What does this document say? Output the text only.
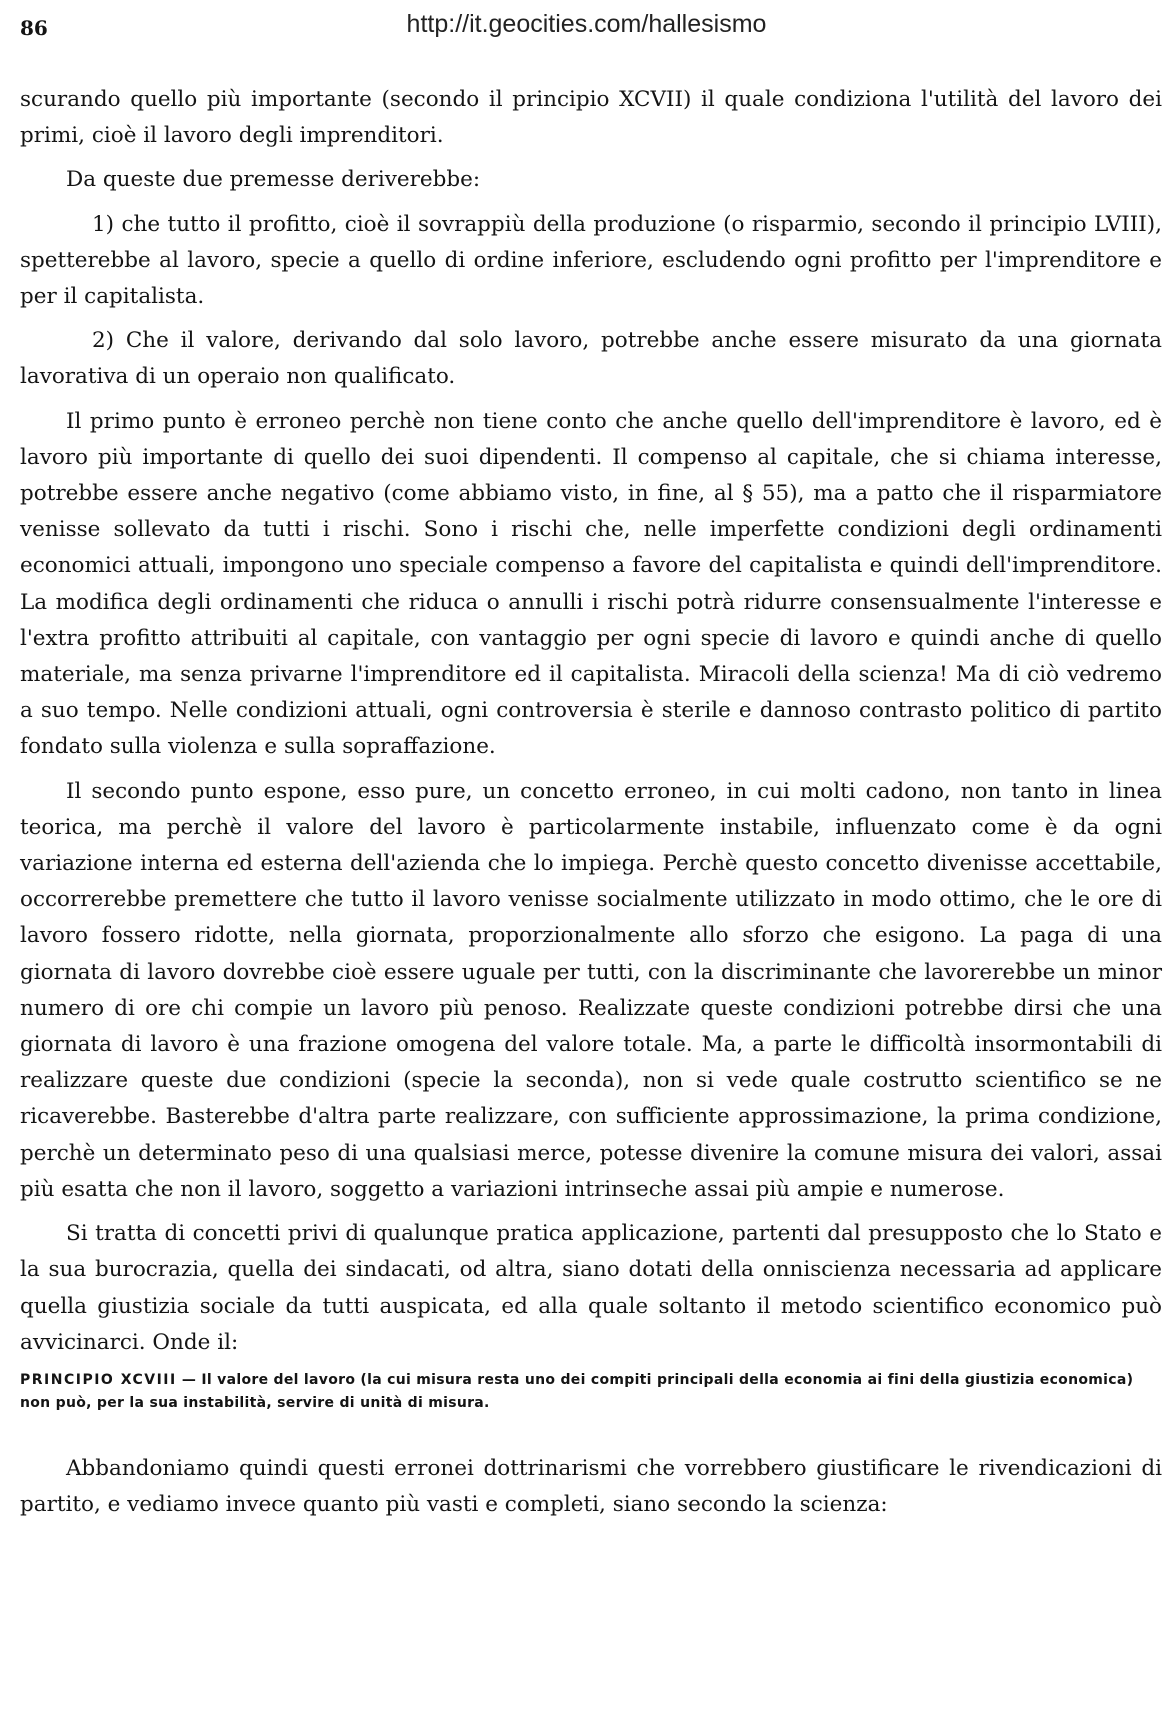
86	http://it.geocities.com/hallesismo

scurando quello più importante (secondo il principio XCVII) il quale condiziona l'utilità del lavoro dei primi, cioè il lavoro degli imprenditori.

Da queste due premesse deriverebbe:

1) che tutto il profitto, cioè il sovrappiù della produzione (o risparmio, secondo il principio LVIII), spetterebbe al lavoro, specie a quello di ordine inferiore, escludendo ogni profitto per l'imprenditore e per il capitalista.

2) Che il valore, derivando dal solo lavoro, potrebbe anche essere misurato da una giornata lavorativa di un operaio non qualificato.

Il primo punto è erroneo perchè non tiene conto che anche quello dell'imprenditore è lavoro, ed è lavoro più importante di quello dei suoi dipendenti. Il compenso al capitale, che si chiama interesse, potrebbe essere anche negativo (come abbiamo visto, in fine, al § 55), ma a patto che il risparmiatore venisse sollevato da tutti i rischi. Sono i rischi che, nelle imperfette condizioni degli ordinamenti economici attuali, impongono uno speciale compenso a favore del capitalista e quindi dell'imprenditore. La modifica degli ordinamenti che riduca o annulli i rischi potrà ridurre consensualmente l'interesse e l'extra profitto attribuiti al capitale, con vantaggio per ogni specie di lavoro e quindi anche di quello materiale, ma senza privarne l'imprenditore ed il capitalista. Miracoli della scienza! Ma di ciò vedremo a suo tempo. Nelle condizioni attuali, ogni controversia è sterile e dannoso contrasto politico di partito fondato sulla violenza e sulla sopraffazione.

Il secondo punto espone, esso pure, un concetto erroneo, in cui molti cadono, non tanto in linea teorica, ma perchè il valore del lavoro è particolarmente instabile, influenzato come è da ogni variazione interna ed esterna dell'azienda che lo impiega. Perchè questo concetto divenisse accettabile, occorrerebbe premettere che tutto il lavoro venisse socialmente utilizzato in modo ottimo, che le ore di lavoro fossero ridotte, nella giornata, proporzionalmente allo sforzo che esigono. La paga di una giornata di lavoro dovrebbe cioè essere uguale per tutti, con la discriminante che lavorerebbe un minor numero di ore chi compie un lavoro più penoso. Realizzate queste condizioni potrebbe dirsi che una giornata di lavoro è una frazione omogena del valore totale. Ma, a parte le difficoltà insormontabili di realizzare queste due condizioni (specie la seconda), non si vede quale costrutto scientifico se ne ricaverebbe. Basterebbe d'altra parte realizzare, con sufficiente approssimazione, la prima condizione, perchè un determinato peso di una qualsiasi merce, potesse divenire la comune misura dei valori, assai più esatta che non il lavoro, soggetto a variazioni intrinseche assai più ampie e numerose.

Si tratta di concetti privi di qualunque pratica applicazione, partenti dal presupposto che lo Stato e la sua burocrazia, quella dei sindacati, od altra, siano dotati della onniscienza necessaria ad applicare quella giustizia sociale da tutti auspicata, ed alla quale soltanto il metodo scientifico economico può avvicinarci. Onde il:

PRINCIPIO XCVIII — Il valore del lavoro (la cui misura resta uno dei compiti principali della economia ai fini della giustizia economica) non può, per la sua instabilità, servire di unità di misura.

Abbandoniamo quindi questi erronei dottrinarismi che vorrebbero giustificare le rivendicazioni di partito, e vediamo invece quanto più vasti e completi, siano secondo la scienza:
